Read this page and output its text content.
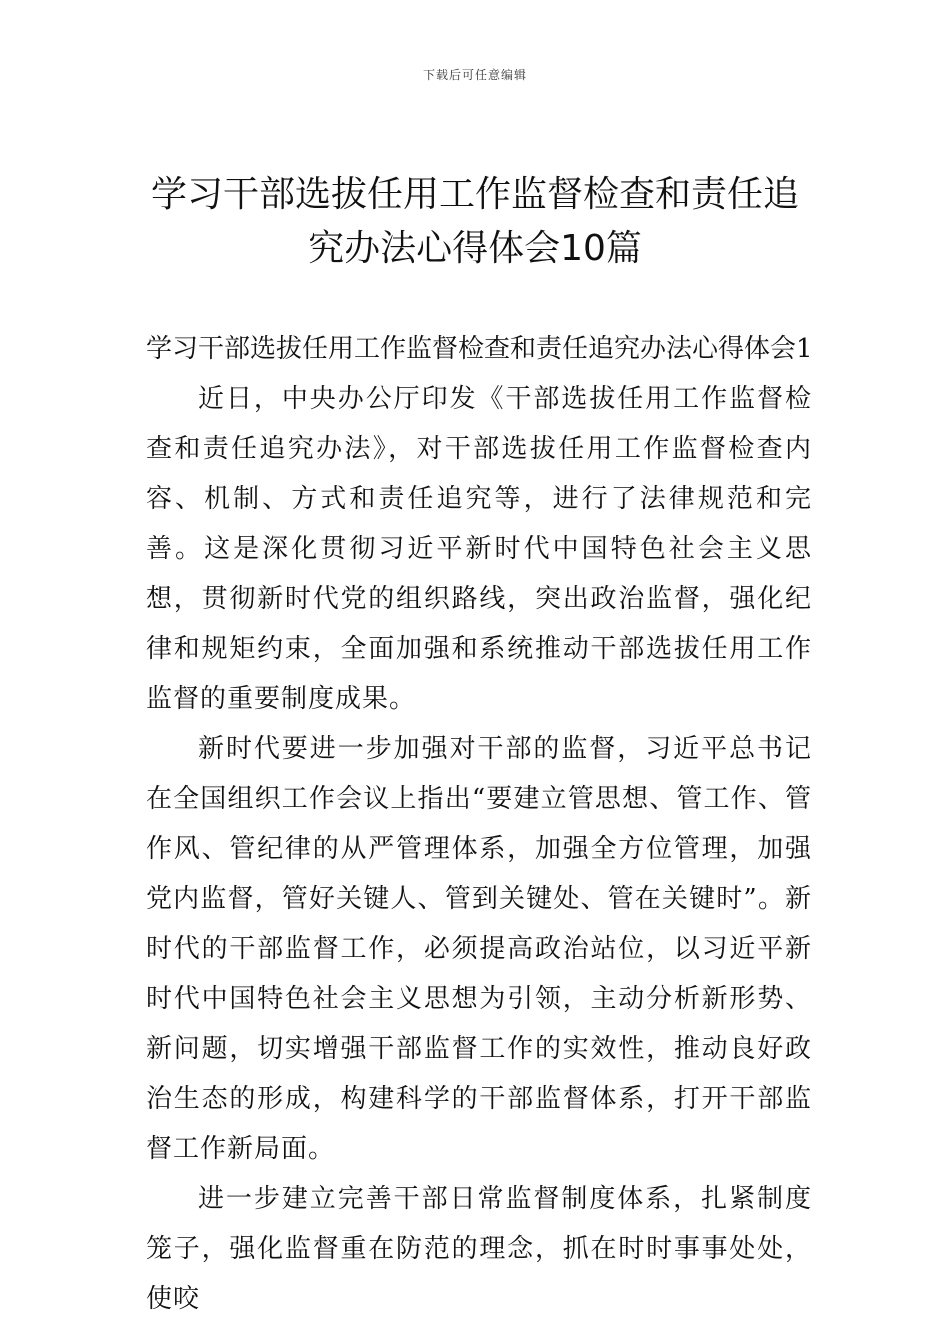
下载后可任意编辑
学习干部选拔任用工作监督检查和责任追
究办法心得体会10篇

学习干部选拔任用工作监督检查和责任追究办法心得体会1

近日，中央办公厅印发《干部选拔任用工作监督检查和责任追究办法》，对干部选拔任用工作监督检查内容、机制、方式和责任追究等，进行了法律规范和完善。这是深化贯彻习近平新时代中国特色社会主义思想，贯彻新时代党的组织路线，突出政治监督，强化纪律和规矩约束，全面加强和系统推动干部选拔任用工作监督的重要制度成果。

新时代要进一步加强对干部的监督，习近平总书记在全国组织工作会议上指出“要建立管思想、管工作、管作风、管纪律的从严管理体系，加强全方位管理，加强党内监督，管好关键人、管到关键处、管在关键时”。新时代的干部监督工作，必须提高政治站位，以习近平新时代中国特色社会主义思想为引领，主动分析新形势、新问题，切实增强干部监督工作的实效性，推动良好政治生态的形成，构建科学的干部监督体系，打开干部监督工作新局面。

进一步建立完善干部日常监督制度体系，扎紧制度笼子，强化监督重在防范的理念，抓在时时事事处处，使咬
